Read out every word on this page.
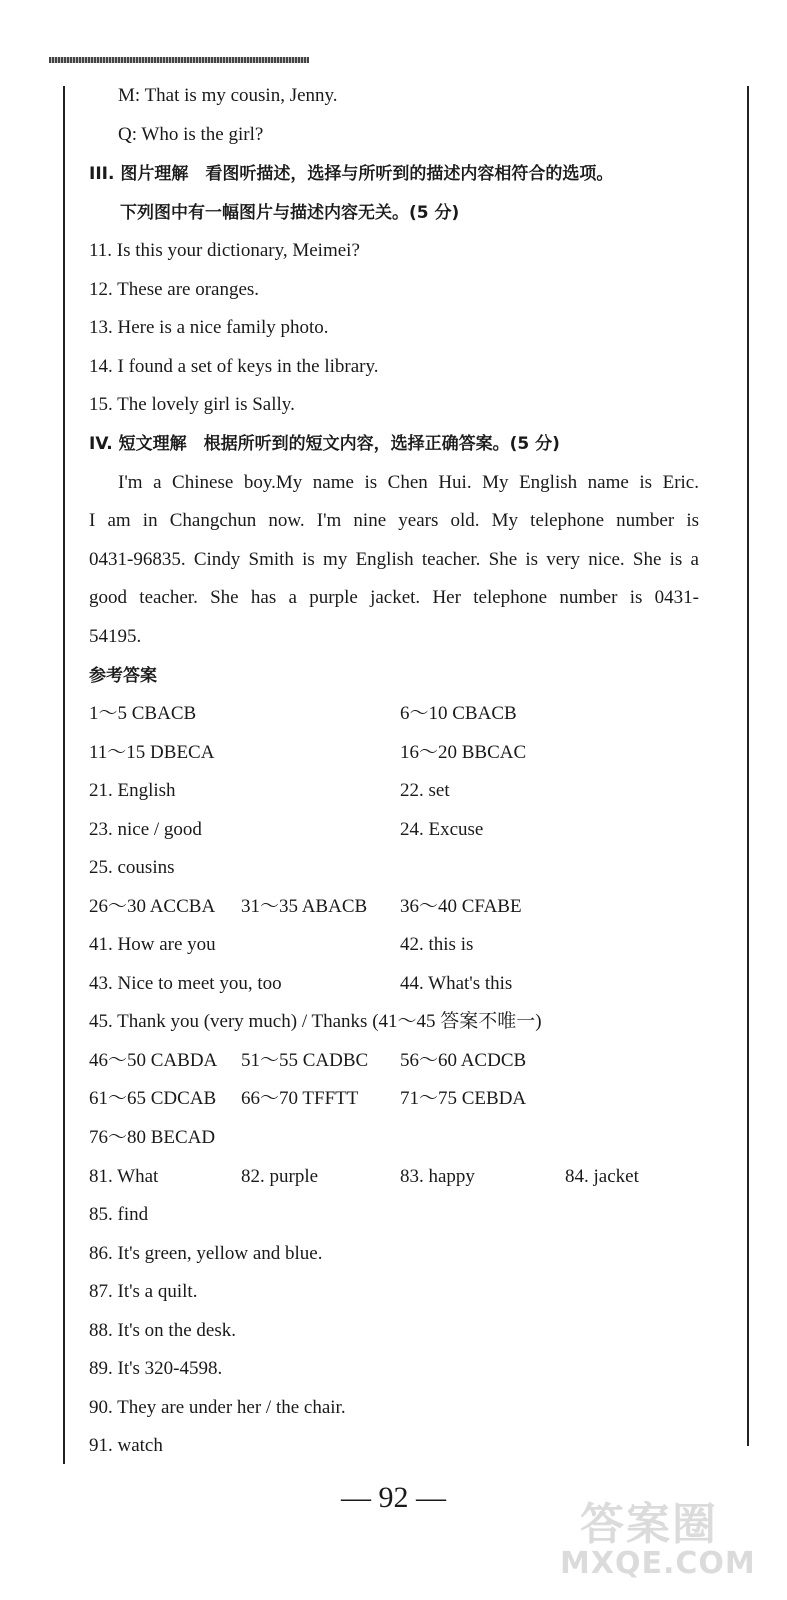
M: That is my cousin, Jenny.
Q: Who is the girl?
III. 图片理解　看图听描述，选择与所听到的描述内容相符合的选项。
下列图中有一幅图片与描述内容无关。(5 分)
11. Is this your dictionary, Meimei?
12. These are oranges.
13. Here is a nice family photo.
14. I found a set of keys in the library.
15. The lovely girl is Sally.
IV. 短文理解　根据所听到的短文内容，选择正确答案。(5 分)
I'm a Chinese boy.My name is Chen Hui. My English name is Eric.
I am in Changchun now. I'm nine years old. My telephone number is
0431-96835. Cindy Smith is my English teacher. She is very nice. She is a
good teacher. She has a purple jacket. Her telephone number is 0431-
54195.
参考答案
1～5 CBACB	6～10 CBACB
11～15 DBECA	16～20 BBCAC
21. English	22. set
23. nice / good	24. Excuse
25. cousins
26～30 ACCBA 31～35 ABACB 36～40 CFABE
41. How are you	42. this is
43. Nice to meet you, too	44. What's this
45. Thank you (very much) / Thanks (41～45 答案不唯一)
46～50 CABDA 51～55 CADBC 56～60 ACDCB
61～65 CDCAB 66～70 TFFTT 71～75 CEBDA
76～80 BECAD
81. What	82. purple	83. happy	84. jacket
85. find
86. It's green, yellow and blue.
87. It's a quilt.
88. It's on the desk.
89. It's 320-4598.
90. They are under her / the chair.
91. watch
— 92 —
答案圈
MXQE.COM
